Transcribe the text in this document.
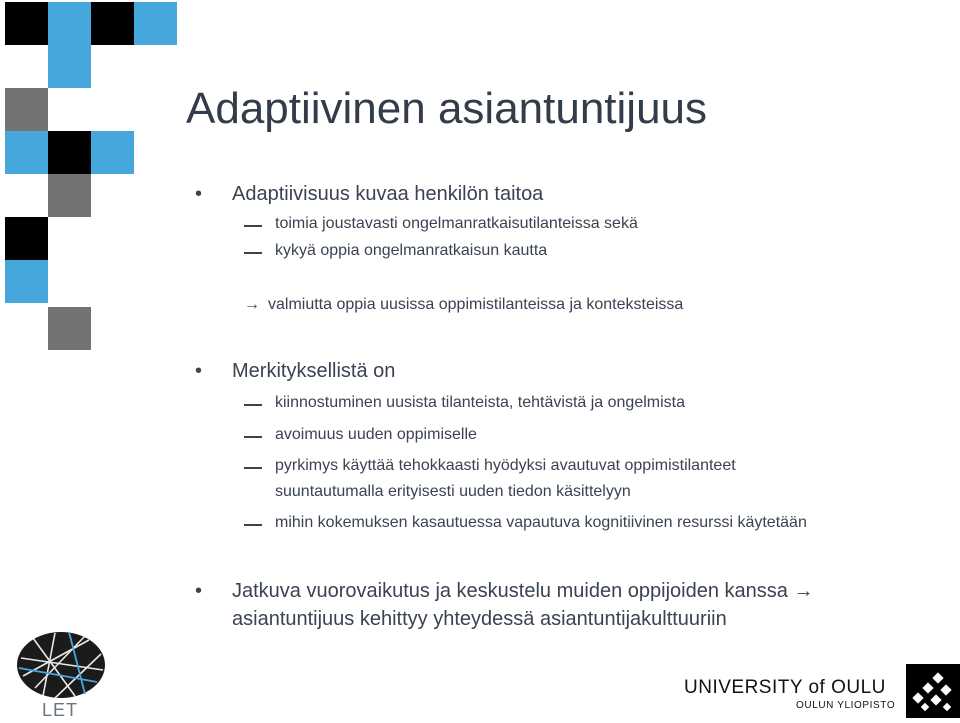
Adaptiivinen asiantuntijuus
• Adaptiivisuus kuvaa henkilön taitoa
toimia joustavasti ongelmanratkaisutilanteissa sekä
kykyä oppia ongelmanratkaisun kautta
→ valmiutta oppia uusissa oppimistilanteissa ja konteksteissa
• Merkityksellistä on
kiinnostuminen uusista tilanteista, tehtävistä ja ongelmista
avoimuus uuden oppimiselle
pyrkimys käyttää tehokkaasti hyödyksi avautuvat oppimistilanteet
suuntautumalla erityisesti uuden tiedon käsittelyyn
mihin kokemuksen kasautuessa vapautuva kognitiivinen resurssi käytetään
• Jatkuva vuorovaikutus ja keskustelu muiden oppijoiden kanssa →
asiantuntijuus kehittyy yhteydessä asiantuntijakulttuuriin
LET
UNIVERSITY of OULU
OULUN YLIOPISTO
